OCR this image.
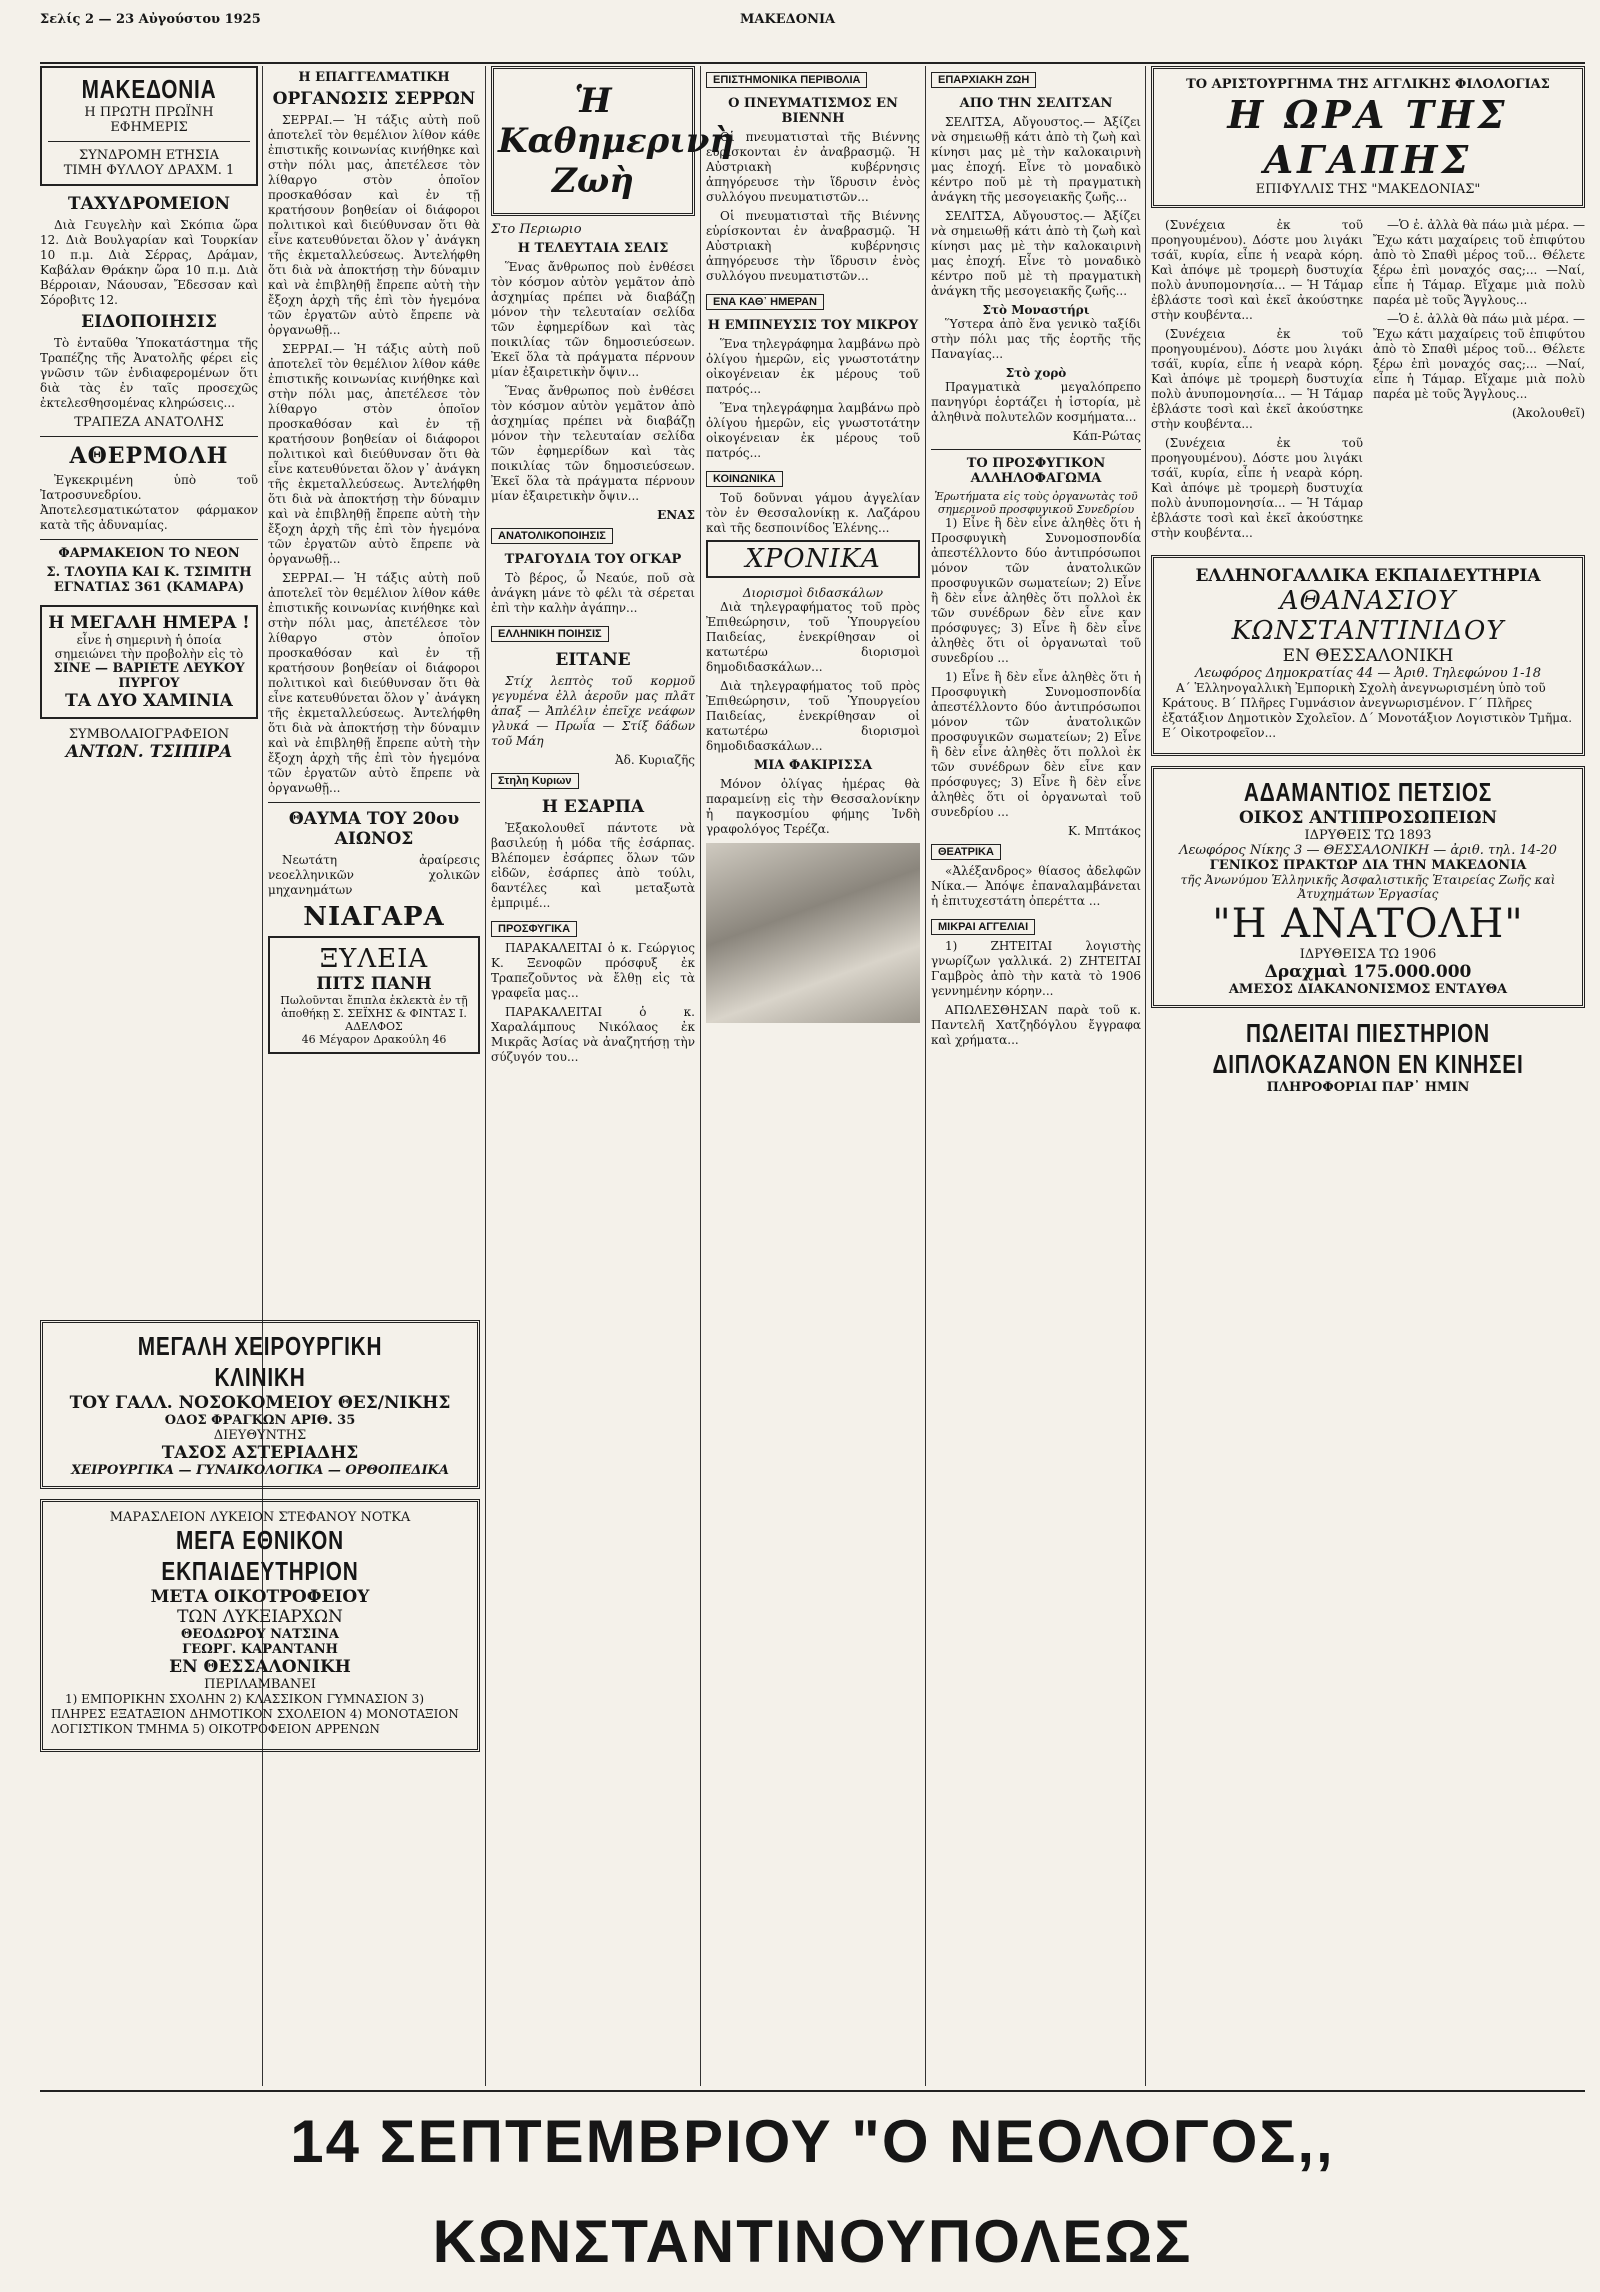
Σελίς 2 — 23 Αὐγούστου 1925	ΜΑΚΕΔΟΝΙΑ
ΜΑΚΕΔΟΝΙΑ
Η ΠΡΩΤΗ ΠΡΩΪΝΗ ΕΦΗΜΕΡΙΣ
ΣΥΝΔΡΟΜΗ ΕΤΗΣΙΑ
ΤΙΜΗ ΦΥΛΛΟΥ ΔΡΑΧΜ. 1
ΤΑΧΥΔΡΟΜΕΙΟΝ

Διὰ Γευγελὴν καὶ Σκόπια ὥρα 12. Διὰ Βουλγαρίαν καὶ Τουρκίαν 10 π.μ. Διὰ Σέρρας, Δράμαν, Καβάλαν Θράκην ὥρα 10 π.μ. Διὰ Βέρροιαν, Νάουσαν, Ἔδεσσαν καὶ Σόροβιτς 12.

ΕΙΔΟΠΟΙΗΣΙΣ

Τὸ ἐνταῦθα Ὑποκατάστημα τῆς Τραπέζης τῆς Ἀνατολῆς φέρει εἰς γνῶσιν τῶν ἐνδιαφερομένων ὅτι διὰ τὰς ἐν ταῖς προσεχῶς ἐκτελεσθησομένας κληρώσεις...

ΤΡΑΠΕΖΑ ΑΝΑΤΟΛΗΣ
ΑΘΕΡΜΟΛΗ

Ἐγκεκριμένη ὑπὸ τοῦ Ἰατροσυνεδρίου. Ἀποτελεσματικώτατον φάρμακον κατὰ τῆς ἀδυναμίας.

ΦΑΡΜΑΚΕΙΟΝ ΤΟ ΝΕΟΝ
Σ. ΤΛΟΥΠΑ ΚΑΙ Κ. ΤΣΙΜΙΤΗ
ΕΓΝΑΤΙΑΣ 361 (ΚΑΜΑΡΑ)
Η ΜΕΓΑΛΗ ΗΜΕΡΑ !
εἶνε ἡ σημερινὴ ἡ ὁποία σημειώνει τὴν προβολὴν εἰς τὸ
ΣΙΝΕ — ΒΑΡΙΕΤΕ ΛΕΥΚΟΥ ΠΥΡΓΟΥ
ΤΑ ΔΥΟ ΧΑΜΙΝΙΑ
ΣΥΜΒΟΛΑΙΟΓΡΑΦΕΙΟΝ
ΑΝΤΩΝ. ΤΣΙΠΙΡΑ
Η ΕΠΑΓΓΕΛΜΑΤΙΚΗ
ΟΡΓΑΝΩΣΙΣ ΣΕΡΡΩΝ

ΣΕΡΡΑΙ.— Ἡ τάξις αὐτὴ ποῦ ἀποτελεῖ τὸν θεμέλιον λίθον κάθε ἐπιστικῆς κοινωνίας κινήθηκε καὶ στὴν πόλι μας, ἀπετέλεσε τὸν λίθαργο στὸν ὁποῖον προσκαθόσαν καὶ ἐν τῇ κρατήσουν βοηθείαν οἱ διάφοροι πολιτικοὶ καὶ διεύθυνσαν ὅτι θὰ εἶνε κατευθύνεται ὅλον γ᾽ ἀνάγκη τῆς ἐκμεταλλεύσεως. Ἀντελήφθη ὅτι διὰ νὰ ἀποκτήσῃ τὴν δύναμιν καὶ νὰ ἐπιβληθῇ ἔπρεπε αὐτὴ τὴν ἔξοχη ἀρχὴ τῆς ἐπὶ τὸν ἡγεμόνα τῶν ἐργατῶν αὐτὸ ἔπρεπε νὰ ὀργανωθῇ...

ΣΕΡΡΑΙ.— Ἡ τάξις αὐτὴ ποῦ ἀποτελεῖ τὸν θεμέλιον λίθον κάθε ἐπιστικῆς κοινωνίας κινήθηκε καὶ στὴν πόλι μας, ἀπετέλεσε τὸν λίθαργο στὸν ὁποῖον προσκαθόσαν καὶ ἐν τῇ κρατήσουν βοηθείαν οἱ διάφοροι πολιτικοὶ καὶ διεύθυνσαν ὅτι θὰ εἶνε κατευθύνεται ὅλον γ᾽ ἀνάγκη τῆς ἐκμεταλλεύσεως. Ἀντελήφθη ὅτι διὰ νὰ ἀποκτήσῃ τὴν δύναμιν καὶ νὰ ἐπιβληθῇ ἔπρεπε αὐτὴ τὴν ἔξοχη ἀρχὴ τῆς ἐπὶ τὸν ἡγεμόνα τῶν ἐργατῶν αὐτὸ ἔπρεπε νὰ ὀργανωθῇ...

ΣΕΡΡΑΙ.— Ἡ τάξις αὐτὴ ποῦ ἀποτελεῖ τὸν θεμέλιον λίθον κάθε ἐπιστικῆς κοινωνίας κινήθηκε καὶ στὴν πόλι μας, ἀπετέλεσε τὸν λίθαργο στὸν ὁποῖον προσκαθόσαν καὶ ἐν τῇ κρατήσουν βοηθείαν οἱ διάφοροι πολιτικοὶ καὶ διεύθυνσαν ὅτι θὰ εἶνε κατευθύνεται ὅλον γ᾽ ἀνάγκη τῆς ἐκμεταλλεύσεως. Ἀντελήφθη ὅτι διὰ νὰ ἀποκτήσῃ τὴν δύναμιν καὶ νὰ ἐπιβληθῇ ἔπρεπε αὐτὴ τὴν ἔξοχη ἀρχὴ τῆς ἐπὶ τὸν ἡγεμόνα τῶν ἐργατῶν αὐτὸ ἔπρεπε νὰ ὀργανωθῇ...

ΘΑΥΜΑ ΤΟΥ 20ου ΑΙΩΝΟΣ

Νεωτάτη ἀραίρεσις νεοελληνικῶν χολικῶν μηχανημάτων

ΝΙΑΓΑΡΑ
ΞΥΛΕΙΑ
ΠΙΤΣ ΠΑΝΗ
Πωλοῦνται ἔπιπλα ἐκλεκτὰ ἐν τῇ ἀποθήκῃ Σ. ΣΕΪΧΗΣ & ΦΙΝΤΑΣ Ι. ΑΔΕΛΦΟΣ
46 Μέγαρον Δρακούλη 46
ΜΕΓΑΛΗ ΧΕΙΡΟΥΡΓΙΚΗ ΚΛΙΝΙΚΗ
ΤΟΥ ΓΑΛΛ. ΝΟΣΟΚΟΜΕΙΟΥ ΘΕΣ/ΝΙΚΗΣ
ΟΔΟΣ ΦΡΑΓΚΩΝ ΑΡΙΘ. 35
ΔΙΕΥΘΥΝΤΗΣ
ΤΑΣΟΣ ΑΣΤΕΡΙΑΔΗΣ
ΧΕΙΡΟΥΡΓΙΚΑ — ΓΥΝΑΙΚΟΛΟΓΙΚΑ — ΟΡΘΟΠΕΔΙΚΑ
ΜΑΡΑΣΛΕΙΟΝ ΛΥΚΕΙΟΝ ΣΤΕΦΑΝΟΥ ΝΟΤΚΑ
ΜΕΓΑ ΕΘΝΙΚΟΝ ΕΚΠΑΙΔΕΥΤΗΡΙΟΝ
ΜΕΤΑ ΟΙΚΟΤΡΟΦΕΙΟΥ
ΤΩΝ ΛΥΚΕΙΑΡΧΩΝ
ΘΕΟΔΩΡΟΥ ΝΑΤΣΙΝΑ
ΓΕΩΡΓ. ΚΑΡΑΝΤΑΝΗ
ΕΝ ΘΕΣΣΑΛΟΝΙΚΗ
ΠΕΡΙΛΑΜΒΑΝΕΙ

1) ΕΜΠΟΡΙΚΗΝ ΣΧΟΛΗΝ 2) ΚΛΑΣΣΙΚΟΝ ΓΥΜΝΑΣΙΟΝ 3) ΠΛΗΡΕΣ ΕΞΑΤΑΞΙΟΝ ΔΗΜΟΤΙΚΟΝ ΣΧΟΛΕΙΟΝ 4) ΜΟΝΟΤΑΞΙΟΝ ΛΟΓΙΣΤΙΚΟΝ ΤΜΗΜΑ 5) ΟΙΚΟΤΡΟΦΕΙΟΝ ΑΡΡΕΝΩΝ

Ἡ Καθημερινὴ Ζωὴ
Στο Περιωριο
Η ΤΕΛΕΥΤΑΙΑ ΣΕΛΙΣ

Ἕνας ἄνθρωπος ποὺ ἐνθέσει τὸν κόσμον αὐτὸν γεμᾶτον ἀπὸ ἀσχημίας πρέπει νὰ διαβάζῃ μόνον τὴν τελευταίαν σελίδα τῶν ἐφημερίδων καὶ τὰς ποικιλίας τῶν δημοσιεύσεων. Ἐκεῖ ὅλα τὰ πράγματα πέρνουν μίαν ἐξαιρετικὴν ὄψιν...

Ἕνας ἄνθρωπος ποὺ ἐνθέσει τὸν κόσμον αὐτὸν γεμᾶτον ἀπὸ ἀσχημίας πρέπει νὰ διαβάζῃ μόνον τὴν τελευταίαν σελίδα τῶν ἐφημερίδων καὶ τὰς ποικιλίας τῶν δημοσιεύσεων. Ἐκεῖ ὅλα τὰ πράγματα πέρνουν μίαν ἐξαιρετικὴν ὄψιν...

ΕΝΑΣ
ΑΝΑΤΟΛΙΚΟΠΟΙΗΣΙΣ
ΤΡΑΓΟΥΔΙΑ ΤΟΥ ΟΓΚΑΡ

Τὸ βέρος, ὦ Νεαύε, ποῦ σὰ ἀνάγκη μάνε τὸ φέλι τὰ σέρεται ἐπὶ τὴν καλὴν ἀγάπην...

ΕΛΛΗΝΙΚΗ ΠΟΙΗΣΙΣ
ΕΙΤΑΝΕ

Στίχ λεπτὸς τοῦ κορμοῦ γεγυμένα ἐλλ ἀεροῦν μας πλᾶτ ἀπαξ — Ἀπλέλιν ἐπεῖχε νεάφων γλυκά — Πρωΐα — Στίξ δάδων τοῦ Μάη

Ἀδ. Κυριαζῆς
Στηλη Κυριων
Η ΕΣΑΡΠΑ

Ἐξακολουθεῖ πάντοτε νὰ βασιλεύῃ ἡ μόδα τῆς ἐσάρπας. Βλέπομεν ἐσάρπες ὅλων τῶν εἰδῶν, ἐσάρπες ἀπὸ τούλι, δαντέλες καὶ μεταξωτὰ ἐμπριμέ...

ΠΡΟΣΦΥΓΙΚΑ

ΠΑΡΑΚΑΛΕΙΤΑΙ ὁ κ. Γεώργιος Κ. Ξενοφῶν πρόσφυξ ἐκ Τραπεζοῦντος νὰ ἔλθῃ εἰς τὰ γραφεῖα μας...

ΠΑΡΑΚΑΛΕΙΤΑΙ ὁ κ. Χαραλάμπους Νικόλαος ἐκ Μικρᾶς Ἀσίας νὰ ἀναζητήσῃ τὴν σύζυγόν του...

ΕΠΙΣΤΗΜΟΝΙΚΑ ΠΕΡΙΒΟΛΙΑ
Ο ΠΝΕΥΜΑΤΙΣΜΟΣ ΕΝ ΒΙΕΝΝΗ

Οἱ πνευματισταὶ τῆς Βιέννης εὑρίσκονται ἐν ἀναβρασμῷ. Ἡ Αὐστριακὴ κυβέρνησις ἀπηγόρευσε τὴν ἵδρυσιν ἑνὸς συλλόγου πνευματιστῶν...

Οἱ πνευματισταὶ τῆς Βιέννης εὑρίσκονται ἐν ἀναβρασμῷ. Ἡ Αὐστριακὴ κυβέρνησις ἀπηγόρευσε τὴν ἵδρυσιν ἑνὸς συλλόγου πνευματιστῶν...

ΕΝΑ ΚΑΘ᾽ ΗΜΕΡΑΝ
Η ΕΜΠΝΕΥΣΙΣ ΤΟΥ ΜΙΚΡΟΥ

Ἕνα τηλεγράφημα λαμβάνω πρὸ ὀλίγου ἡμερῶν, εἰς γνωστοτάτην οἰκογένειαν ἐκ μέρους τοῦ πατρός...

Ἕνα τηλεγράφημα λαμβάνω πρὸ ὀλίγου ἡμερῶν, εἰς γνωστοτάτην οἰκογένειαν ἐκ μέρους τοῦ πατρός...

ΚΟΙΝΩΝΙΚΑ

Τοῦ δοῦνναι γάμου ἀγγελίαν τὸν ἐν Θεσσαλονίκῃ κ. Λαζάρου καὶ τῆς δεσποινίδος Ἑλένης...

ΧΡΟΝΙΚΑ
Διορισμοὶ διδασκάλων

Διὰ τηλεγραφήματος τοῦ πρὸς Ἐπιθεώρησιν, τοῦ Ὑπουργείου Παιδείας, ἐνεκρίθησαν οἱ κατωτέρω διορισμοὶ δημοδιδασκάλων...

Διὰ τηλεγραφήματος τοῦ πρὸς Ἐπιθεώρησιν, τοῦ Ὑπουργείου Παιδείας, ἐνεκρίθησαν οἱ κατωτέρω διορισμοὶ δημοδιδασκάλων...

ΜΙΑ ΦΑΚΙΡΙΣΣΑ

Μόνον ὀλίγας ἡμέρας θὰ παραμείνῃ εἰς τὴν Θεσσαλονίκην ἡ παγκοσμίου φήμης Ἰνδὴ γραφολόγος Τερέζα.

ΕΠΑΡΧΙΑΚΗ ΖΩΗ
ΑΠΟ ΤΗΝ ΣΕΛΙΤΣΑΝ

ΣΕΛΙΤΣΑ, Αὔγουστος.— Ἀξίζει νὰ σημειωθῇ κάτι ἀπὸ τὴ ζωὴ καὶ κίνησι μας μὲ τὴν καλοκαιρινὴ μας ἐποχή. Εἶνε τὸ μοναδικὸ κέντρο ποῦ μὲ τὴ πραγματικὴ ἀνάγκη τῆς μεσογειακῆς ζωῆς...

ΣΕΛΙΤΣΑ, Αὔγουστος.— Ἀξίζει νὰ σημειωθῇ κάτι ἀπὸ τὴ ζωὴ καὶ κίνησι μας μὲ τὴν καλοκαιρινὴ μας ἐποχή. Εἶνε τὸ μοναδικὸ κέντρο ποῦ μὲ τὴ πραγματικὴ ἀνάγκη τῆς μεσογειακῆς ζωῆς...

Στὸ Μοναστήρι

Ὕστερα ἀπὸ ἕνα γενικὸ ταξίδι στὴν πόλι μας τῆς ἑορτῆς τῆς Παναγίας...

Στὸ χορὸ

Πραγματικὰ μεγαλόπρεπο πανηγύρι ἑορτάζει ἡ ἱστορία, μὲ ἀληθινὰ πολυτελῶν κοσμήματα...

Κάπ-Ρώτας
ΤΟ ΠΡΟΣΦΥΓΙΚΟΝ ΑΛΛΗΛΟΦΑΓΩΜΑ
Ἐρωτήματα εἰς τοὺς ὀργανωτὰς τοῦ σημερινοῦ προσφυγικοῦ Συνεδρίου

1) Εἶνε ἢ δὲν εἶνε ἀληθὲς ὅτι ἡ Προσφυγικὴ Συνομοσπονδία ἀπεστέλλοντο δύο ἀντιπρόσωποι μόνον τῶν ἀνατολικῶν προσφυγικῶν σωματείων; 2) Εἶνε ἢ δὲν εἶνε ἀληθὲς ὅτι πολλοὶ ἐκ τῶν συνέδρων δὲν εἶνε καν πρόσφυγες; 3) Εἶνε ἢ δὲν εἶνε ἀληθὲς ὅτι οἱ ὀργανωταὶ τοῦ συνεδρίου ...

1) Εἶνε ἢ δὲν εἶνε ἀληθὲς ὅτι ἡ Προσφυγικὴ Συνομοσπονδία ἀπεστέλλοντο δύο ἀντιπρόσωποι μόνον τῶν ἀνατολικῶν προσφυγικῶν σωματείων; 2) Εἶνε ἢ δὲν εἶνε ἀληθὲς ὅτι πολλοὶ ἐκ τῶν συνέδρων δὲν εἶνε καν πρόσφυγες; 3) Εἶνε ἢ δὲν εἶνε ἀληθὲς ὅτι οἱ ὀργανωταὶ τοῦ συνεδρίου ...

Κ. Μπτάκος
ΘΕΑΤΡΙΚΑ

«Ἀλέξανδρος» θίασος ἀδελφῶν Νίκα.— Ἀπόψε ἐπαναλαμβάνεται ἡ ἐπιτυχεστάτη ὀπερέττα ...

ΜΙΚΡΑΙ ΑΓΓΕΛΙΑΙ

1) ΖΗΤΕΙΤΑΙ λογιστὴς γνωρίζων γαλλικά. 2) ΖΗΤΕΙΤΑΙ Γαμβρὸς ἀπὸ τὴν κατὰ τὸ 1906 γεννημένην κόρην...

ΑΠΩΛΕΣΘΗΣΑΝ παρὰ τοῦ κ. Παντελῆ Χατζηδόγλου ἔγγραφα καὶ χρήματα...

ΤΟ ΑΡΙΣΤΟΥΡΓΗΜΑ ΤΗΣ ΑΓΓΛΙΚΗΣ ΦΙΛΟΛΟΓΙΑΣ
Η ΩΡΑ ΤΗΣ ΑΓΑΠΗΣ
ΕΠΙΦΥΛΛΙΣ ΤΗΣ "ΜΑΚΕΔΟΝΙΑΣ"

(Συνέχεια ἐκ τοῦ προηγουμένου). Δόστε μου λιγάκι τσάϊ, κυρία, εἶπε ἡ νεαρὰ κόρη. Καὶ ἀπόψε μὲ τρομερὴ δυστυχία πολὺ ἀνυπομονησία... — Ἡ Τάμαρ ἐβλάστε τοσὶ καὶ ἐκεῖ ἀκούστηκε στὴν κουβέντα...

(Συνέχεια ἐκ τοῦ προηγουμένου). Δόστε μου λιγάκι τσάϊ, κυρία, εἶπε ἡ νεαρὰ κόρη. Καὶ ἀπόψε μὲ τρομερὴ δυστυχία πολὺ ἀνυπομονησία... — Ἡ Τάμαρ ἐβλάστε τοσὶ καὶ ἐκεῖ ἀκούστηκε στὴν κουβέντα...

(Συνέχεια ἐκ τοῦ προηγουμένου). Δόστε μου λιγάκι τσάϊ, κυρία, εἶπε ἡ νεαρὰ κόρη. Καὶ ἀπόψε μὲ τρομερὴ δυστυχία πολὺ ἀνυπομονησία... — Ἡ Τάμαρ ἐβλάστε τοσὶ καὶ ἐκεῖ ἀκούστηκε στὴν κουβέντα...

—Ὁ ἐ. ἀλλὰ θὰ πάω μιὰ μέρα. — Ἔχω κάτι μαχαίρεις τοῦ ἐπιφύτου ἀπὸ τὸ Σπαθὶ μέρος τοῦ... Θέλετε ξέρω ἐπὶ μοναχός σας;... —Ναί, εἶπε ἡ Τάμαρ. Εἴχαμε μιὰ πολὺ παρέα μὲ τοῦς Ἄγγλους...

—Ὁ ἐ. ἀλλὰ θὰ πάω μιὰ μέρα. — Ἔχω κάτι μαχαίρεις τοῦ ἐπιφύτου ἀπὸ τὸ Σπαθὶ μέρος τοῦ... Θέλετε ξέρω ἐπὶ μοναχός σας;... —Ναί, εἶπε ἡ Τάμαρ. Εἴχαμε μιὰ πολὺ παρέα μὲ τοῦς Ἄγγλους...

(Ἀκολουθεῖ)
ΕΛΛΗΝΟΓΑΛΛΙΚΑ ΕΚΠΑΙΔΕΥΤΗΡΙΑ
ΑΘΑΝΑΣΙΟΥ ΚΩΝΣΤΑΝΤΙΝΙΔΟΥ
ΕΝ ΘΕΣΣΑΛΟΝΙΚΗ
Λεωφόρος Δημοκρατίας 44 — Ἀριθ. Τηλεφώνου 1-18

Α΄ Ἑλληνογαλλικὴ Ἐμπορικὴ Σχολὴ ἀνεγνωρισμένη ὑπὸ τοῦ Κράτους. Β΄ Πλῆρες Γυμνάσιον ἀνεγνωρισμένον. Γ΄ Πλῆρες ἐξατάξιον Δημοτικὸν Σχολεῖον. Δ΄ Μονοτάξιον Λογιστικὸν Τμῆμα. Ε΄ Οἰκοτροφεῖον...

ΑΔΑΜΑΝΤΙΟΣ ΠΕΤΣΙΟΣ
ΟΙΚΟΣ ΑΝΤΙΠΡΟΣΩΠΕΙΩΝ
ΙΔΡΥΘΕΙΣ ΤΩ 1893
Λεωφόρος Νίκης 3 — ΘΕΣΣΑΛΟΝΙΚΗ — ἀριθ. τηλ. 14-20
ΓΕΝΙΚΟΣ ΠΡΑΚΤΩΡ ΔΙΑ ΤΗΝ ΜΑΚΕΔΟΝΙΑ
τῆς Ἀνωνύμου Ἑλληνικῆς Ἀσφαλιστικῆς Ἑταιρείας Ζωῆς καὶ Ἀτυχημάτων Ἐργασίας
"Η ΑΝΑΤΟΛΗ"
ΙΔΡΥΘΕΙΣΑ ΤΩ 1906
Δραχμαὶ 175.000.000
ΑΜΕΣΟΣ ΔΙΑΚΑΝΟΝΙΣΜΟΣ ΕΝΤΑΥΘΑ
ΠΩΛΕΙΤΑΙ ΠΙΕΣΤΗΡΙΟΝ
ΔΙΠΛΟΚΑΖΑΝΟΝ ΕΝ ΚΙΝΗΣΕΙ
ΠΛΗΡΟΦΟΡΙΑΙ ΠΑΡ᾽ ΗΜΙΝ
14 ΣΕΠΤΕΜΒΡΙΟΥ "Ο ΝΕΟΛΟΓΟΣ,, ΚΩΝΣΤΑΝΤΙΝΟΥΠΟΛΕΩΣ
